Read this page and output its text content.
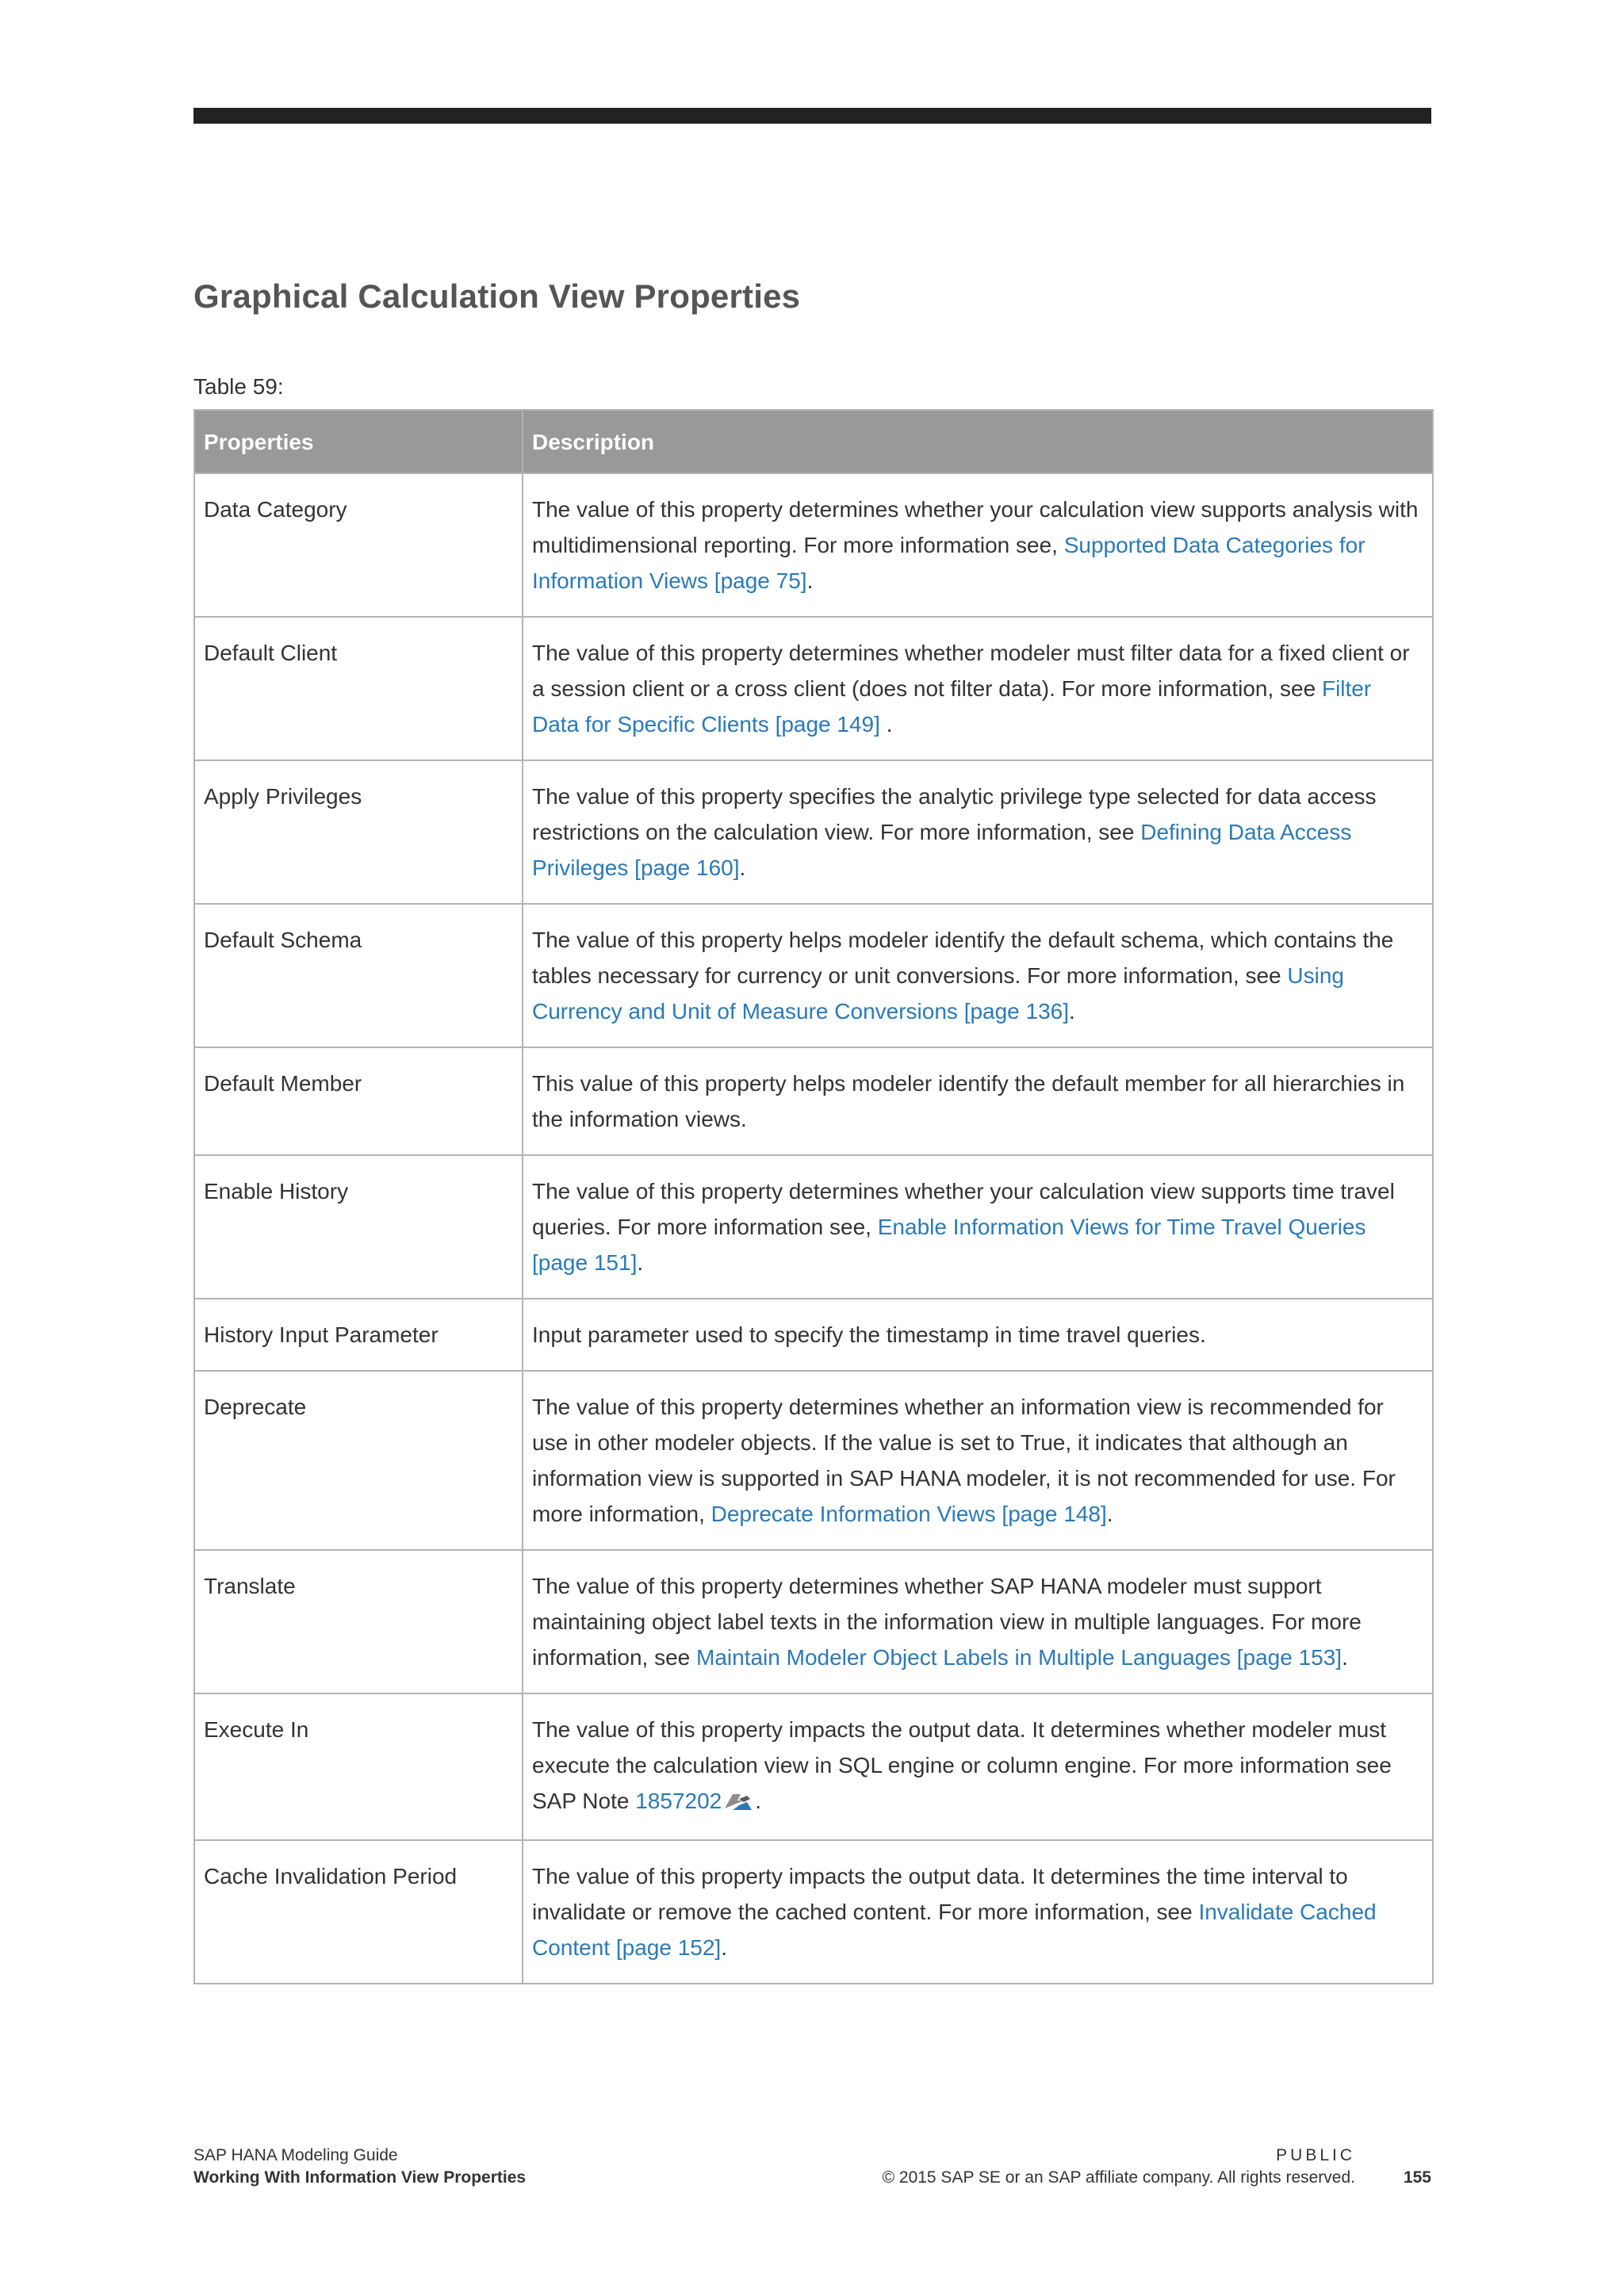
Graphical Calculation View Properties
Table 59:
Properties	Description
Data Category	The value of this property determines whether your calculation view supports analysis with multidimensional reporting. For more information see, Supported Data Categories for Information Views [page 75].
Default Client	The value of this property determines whether modeler must filter data for a fixed client or a session client or a cross client (does not filter data). For more information, see Filter Data for Specific Clients [page 149] .
Apply Privileges	The value of this property specifies the analytic privilege type selected for data access restrictions on the calculation view. For more information, see Defining Data Access Privileges [page 160].
Default Schema	The value of this property helps modeler identify the default schema, which contains the tables necessary for currency or unit conversions. For more information, see Using Currency and Unit of Measure Conversions [page 136].
Default Member	This value of this property helps modeler identify the default member for all hierarchies in the information views.
Enable History	The value of this property determines whether your calculation view supports time travel queries. For more information see, Enable Information Views for Time Travel Queries [page 151].
History Input Parameter	Input parameter used to specify the timestamp in time travel queries.
Deprecate	The value of this property determines whether an information view is recommended for use in other modeler objects. If the value is set to True, it indicates that although an information view is supported in SAP HANA modeler, it is not recommended for use. For more information, Deprecate Information Views [page 148].
Translate	The value of this property determines whether SAP HANA modeler must support maintaining object label texts in the information view in multiple languages. For more information, see Maintain Modeler Object Labels in Multiple Languages [page 153].
Execute In	The value of this property impacts the output data. It determines whether modeler must execute the calculation view in SQL engine or column engine. For more information see SAP Note 1857202 .
Cache Invalidation Period	The value of this property impacts the output data. It determines the time interval to invalidate or remove the cached content. For more information, see Invalidate Cached Content [page 152].
SAP HANA Modeling Guide
Working With Information View Properties
PUBLIC
© 2015 SAP SE or an SAP affiliate company. All rights reserved.	155
